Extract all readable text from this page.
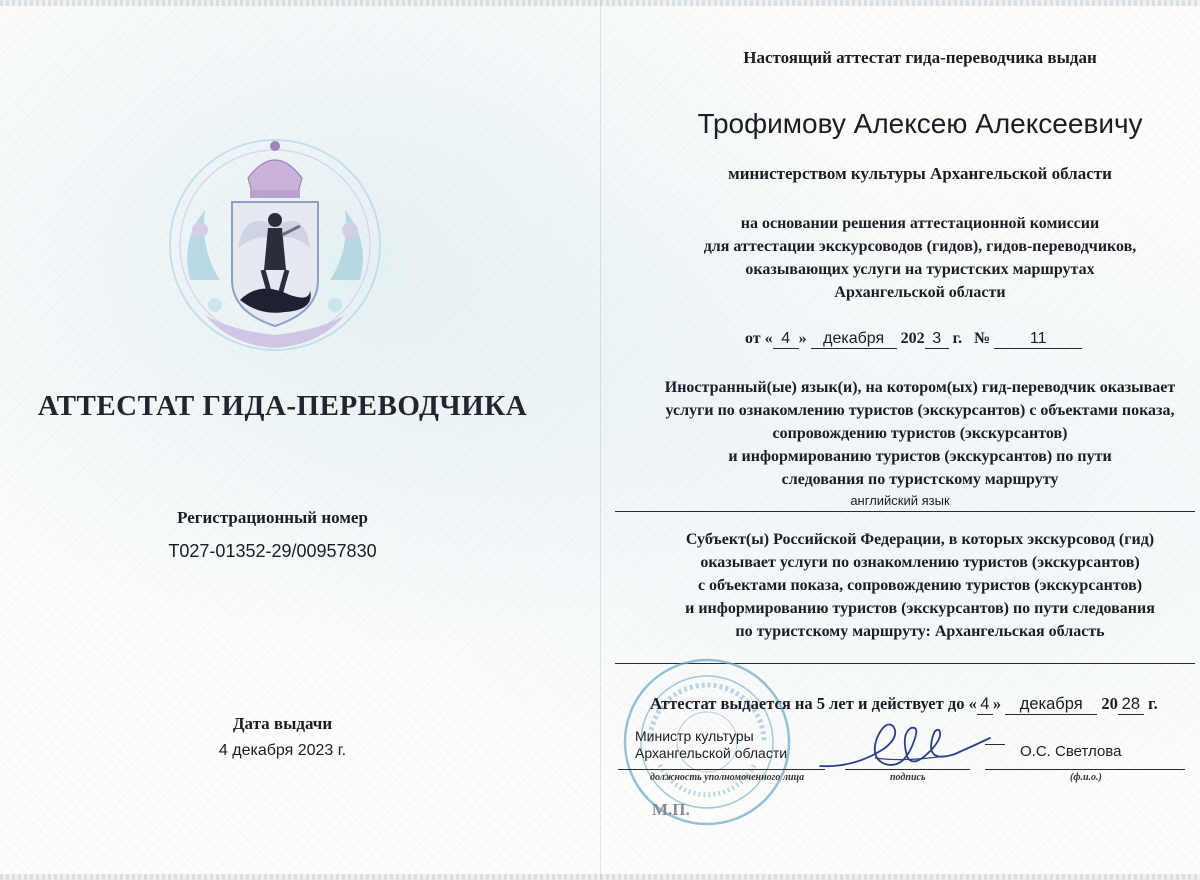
АТТЕСТАТ ГИДА-ПЕРЕВОДЧИКА
Регистрационный номер
Т027-01352-29/00957830
Дата выдачи
4 декабря 2023 г.
Настоящий аттестат гида-переводчика выдан
Трофимову Алексею Алексеевичу
министерством культуры Архангельской области
на основании решения аттестационной комиссии
для аттестации экскурсоводов (гидов), гидов-переводчиков,
оказывающих услуги на туристских маршрутах
Архангельской области
от « 4 » декабря 202 3 г. № 11
Иностранный(ые) язык(и), на котором(ых) гид-переводчик оказывает
услуги по ознакомлению туристов (экскурсантов) с объектами показа,
сопровождению туристов (экскурсантов)
и информированию туристов (экскурсантов) по пути
следования по туристскому маршруту
английский язык
Субъект(ы) Российской Федерации, в которых экскурсовод (гид)
оказывает услуги по ознакомлению туристов (экскурсантов)
с объектами показа, сопровождению туристов (экскурсантов)
и информированию туристов (экскурсантов) по пути следования
по туристскому маршруту: Архангельская область
Аттестат выдается на 5 лет и действует до « 4 » декабря 20 28 г.
Министр культуры
Архангельской области	О.С. Светлова
должность уполномоченного лица	подпись	(ф.и.о.)
М.П.
